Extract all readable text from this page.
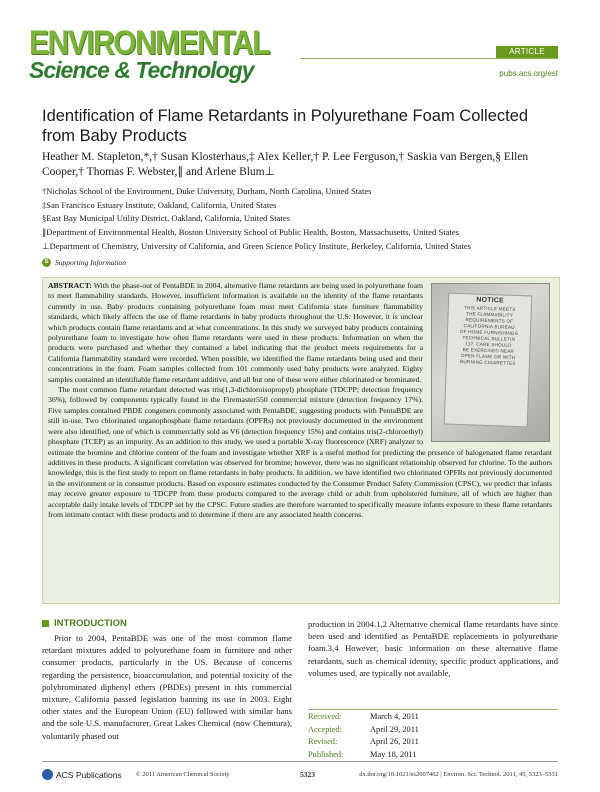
ENVIRONMENTAL
Science & Technology
ARTICLE
pubs.acs.org/est
Identification of Flame Retardants in Polyurethane Foam Collected from Baby Products
Heather M. Stapleton,*,† Susan Klosterhaus,‡ Alex Keller,† P. Lee Ferguson,† Saskia van Bergen,§ Ellen Cooper,† Thomas F. Webster,∥ and Arlene Blum⊥
†Nicholas School of the Environment, Duke University, Durham, North Carolina, United States
‡San Francisco Estuary Institute, Oakland, California, United States
§East Bay Municipal Utility District, Oakland, California, United States
∥Department of Environmental Health, Boston University School of Public Health, Boston, Massachusetts, United States
⊥Department of Chemistry, University of California, and Green Science Policy Institute, Berkeley, California, United States
S Supporting Information
NOTICE
THIS ARTICLE MEETS
THE FLAMMABILITY
REQUIREMENTS OF
CALIFORNIA BUREAU
OF HOME FURNISHINGS
TECHNICAL BULLETIN
117. CARE SHOULD
BE EXERCISED NEAR
OPEN FLAME OR WITH
BURNING CIGARETTES
ABSTRACT: With the phase-out of PentaBDE in 2004, alternative flame retardants are being used in polyurethane foam to meet flammability standards. However, insufficient information is available on the identity of the flame retardants currently in use. Baby products containing polyurethane foam must meet California state furniture flammability standards, which likely affects the use of flame retardants in baby products throughout the U.S. However, it is unclear which products contain flame retardants and at what concentrations. In this study we surveyed baby products containing polyurethane foam to investigate how often flame retardants were used in these products. Information on when the products were purchased and whether they contained a label indicating that the product meets requirements for a California flammability standard were recorded. When possible, we identified the flame retardants being used and their concentrations in the foam. Foam samples collected from 101 commonly used baby products were analyzed. Eighty samples contained an identifiable flame retardant additive, and all but one of these were either chlorinated or brominated.
The most common flame retardant detected was tris(1,3-dichloroisopropyl) phosphate (TDCPP; detection frequency 36%), followed by components typically found in the Firemaster550 commercial mixture (detection frequency 17%). Five samples contained PBDE congeners commonly associated with PentaBDE, suggesting products with PentaBDE are still in-use. Two chlorinated organophosphate flame retardants (OPFRs) not previously documented in the environment were also identified, one of which is commercially sold as V6 (detection frequency 15%) and contains tris(2-chloroethyl) phosphate (TCEP) as an impurity. As an addition to this study, we used a portable X-ray fluorescence (XRF) analyzer to estimate the bromine and chlorine content of the foam and investigate whether XRF is a useful method for predicting the presence of halogenated flame retardant additives in these products. A significant correlation was observed for bromine; however, there was no significant relationship observed for chlorine. To the authors knowledge, this is the first study to report on flame retardants in baby products. In addition, we have identified two chlorinated OPFRs not previously documented in the environment or in consumer products. Based on exposure estimates conducted by the Consumer Product Safety Commission (CPSC), we predict that infants may receive greater exposure to TDCPP from these products compared to the average child or adult from upholstered furniture, all of which are higher than acceptable daily intake levels of TDCPP set by the CPSC. Future studies are therefore warranted to specifically measure infants exposure to these flame retardants from intimate contact with these products and to determine if there are any associated health concerns.
INTRODUCTION
Prior to 2004, PentaBDE was one of the most common flame retardant mixtures added to polyurethane foam in furniture and other consumer products, particularly in the US. Because of concerns regarding the persistence, bioaccumulation, and potential toxicity of the polybrominated diphenyl ethers (PBDEs) present in this commercial mixture, California passed legislation banning its use in 2003. Eight other states and the European Union (EU) followed with similar bans and the sole U.S. manufacturer, Great Lakes Chemical (now Chemtura), voluntarily phased out
production in 2004.1,2 Alternative chemical flame retardants have since been used and identified as PentaBDE replacements in polyurethane foam.3,4 However, basic information on these alternative flame retardants, such as chemical identity, specific product applications, and volumes used, are typically not available,
Received:	March 4, 2011
Accepted:	April 29, 2011
Revised:	April 26, 2011
Published:	May 18, 2011
ACS Publications © 2011 American Chemical Society	5323	dx.doi.org/10.1021/es2007462 | Environ. Sci. Technol. 2011, 45, 5323–5331
